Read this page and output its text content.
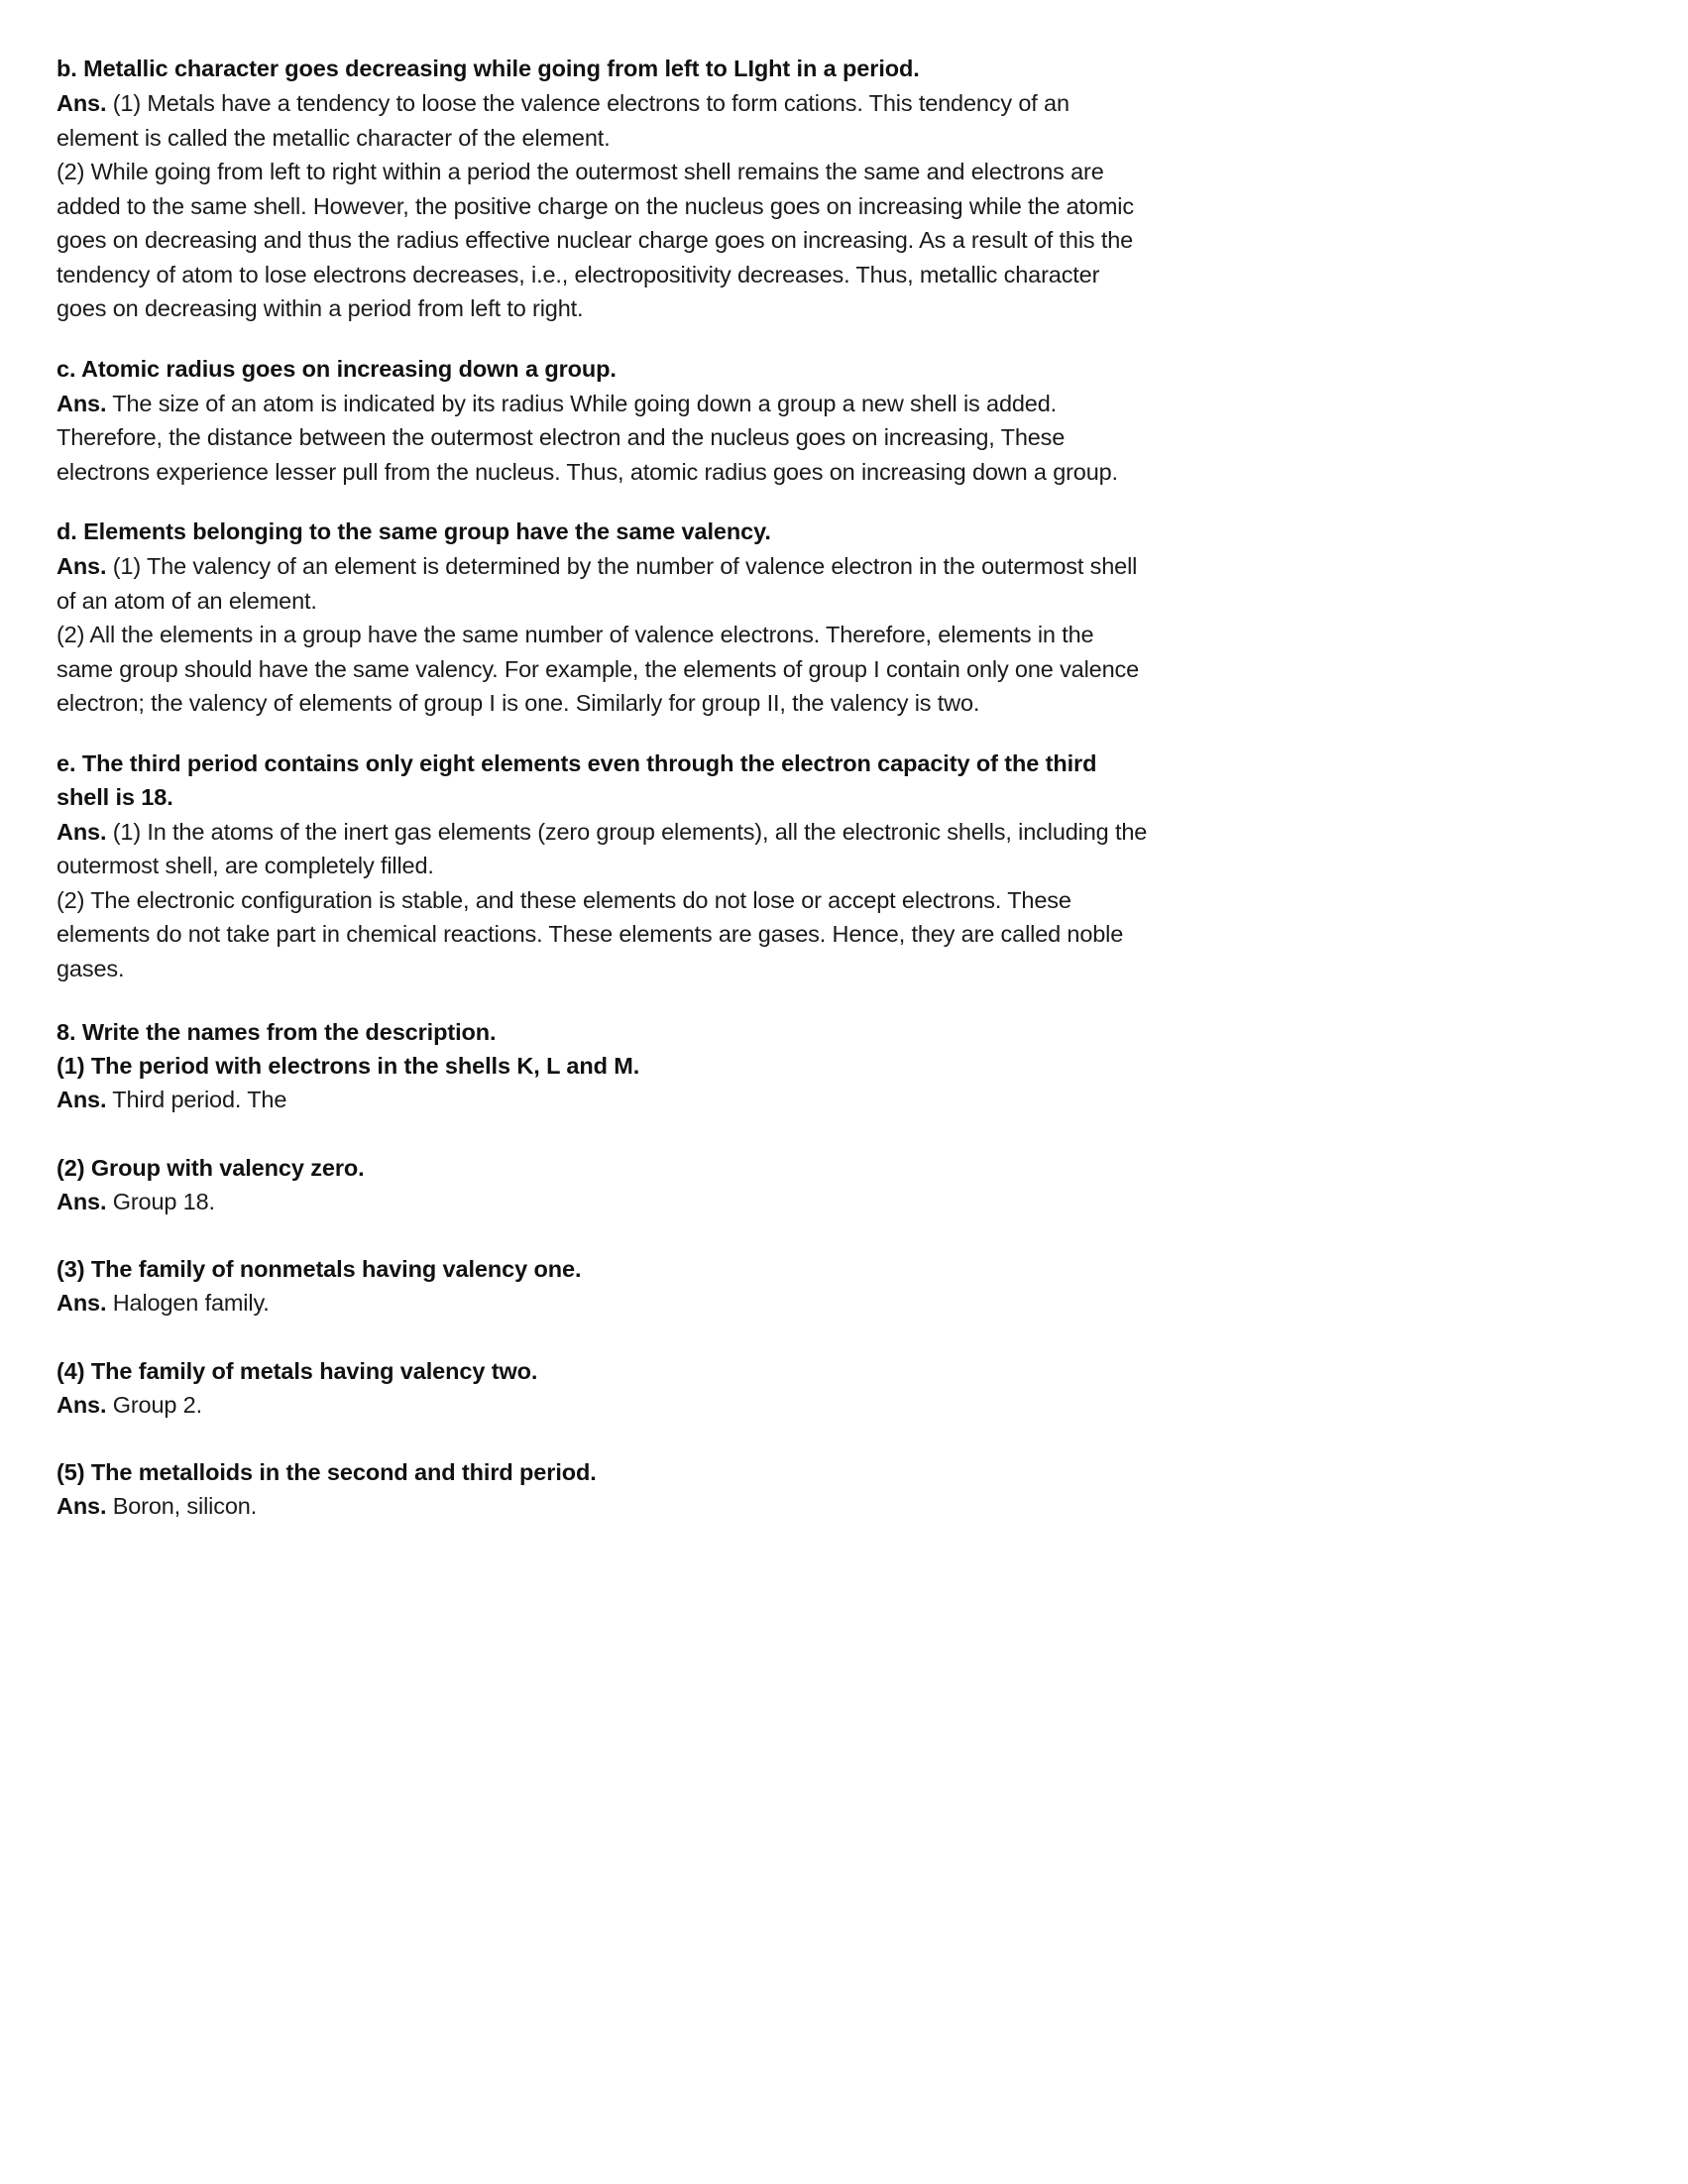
b. Metallic character goes decreasing while going from left to LIght in a period.

Ans. (1) Metals have a tendency to loose the valence electrons to form cations. This tendency of an element is called the metallic character of the element.

(2) While going from left to right within a period the outermost shell remains the same and electrons are added to the same shell. However, the positive charge on the nucleus goes on increasing while the atomic goes on decreasing and thus the radius effective nuclear charge goes on increasing. As a result of this the tendency of atom to lose electrons decreases, i.e., electropositivity decreases. Thus, metallic character goes on decreasing within a period from left to right.

c. Atomic radius goes on increasing down a group.

Ans. The size of an atom is indicated by its radius While going down a group a new shell is added. Therefore, the distance between the outermost electron and the nucleus goes on increasing, These electrons experience lesser pull from the nucleus. Thus, atomic radius goes on increasing down a group.

d. Elements belonging to the same group have the same valency.

Ans. (1) The valency of an element is determined by the number of valence electron in the outermost shell of an atom of an element.

(2) All the elements in a group have the same number of valence electrons. Therefore, elements in the same group should have the same valency. For example, the elements of group I contain only one valence electron; the valency of elements of group I is one. Similarly for group II, the valency is two.

e. The third period contains only eight elements even through the electron capacity of the third shell is 18.

Ans. (1) In the atoms of the inert gas elements (zero group elements), all the electronic shells, including the outermost shell, are completely filled.

(2) The electronic configuration is stable, and these elements do not lose or accept electrons. These elements do not take part in chemical reactions. These elements are gases. Hence, they are called noble gases.

8. Write the names from the description.
(1) The period with electrons in the shells K, L and M.

Ans. Third period. The

(2) Group with valency zero.

Ans. Group 18.

(3) The family of nonmetals having valency one.

Ans. Halogen family.

(4) The family of metals having valency two.

Ans. Group 2.

(5) The metalloids in the second and third period.

Ans. Boron, silicon.
